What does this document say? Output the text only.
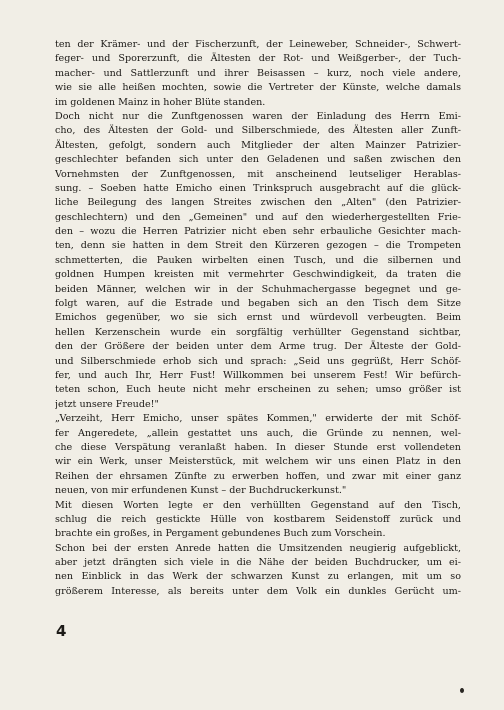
ten der Krämer- und der Fischerzunft, der Leineweber, Schneider-, Schwert-
feger- und Sporerzunft, die Ältesten der Rot- und Weißgerber-, der Tuch-
macher- und Sattlerzunft und ihrer Beisassen – kurz, noch viele andere,
wie sie alle heißen mochten, sowie die Vertreter der Künste, welche damals
im goldenen Mainz in hoher Blüte standen.
Doch nicht nur die Zunftgenossen waren der Einladung des Herrn Emi-
cho, des Ältesten der Gold- und Silberschmiede, des Ältesten aller Zunft-
Ältesten, gefolgt, sondern auch Mitglieder der alten Mainzer Patrizier-
geschlechter befanden sich unter den Geladenen und saßen zwischen den
Vornehmsten der Zunftgenossen, mit anscheinend leutseliger Herablas-
sung. – Soeben hatte Emicho einen Trinkspruch ausgebracht auf die glück-
liche Beilegung des langen Streites zwischen den „Alten" (den Patrizier-
geschlechtern) und den „Gemeinen" und auf den wiederhergestellten Frie-
den – wozu die Herren Patrizier nicht eben sehr erbauliche Gesichter mach-
ten, denn sie hatten in dem Streit den Kürzeren gezogen – die Trompeten
schmetterten, die Pauken wirbelten einen Tusch, und die silbernen und
goldnen Humpen kreisten mit vermehrter Geschwindigkeit, da traten die
beiden Männer, welchen wir in der Schuhmachergasse begegnet und ge-
folgt waren, auf die Estrade und begaben sich an den Tisch dem Sitze
Emichos gegenüber, wo sie sich ernst und würdevoll verbeugten. Beim
hellen Kerzenschein wurde ein sorgfältig verhüllter Gegenstand sichtbar,
den der Größere der beiden unter dem Arme trug. Der Älteste der Gold-
und Silberschmiede erhob sich und sprach: „Seid uns gegrüßt, Herr Schöf-
fer, und auch Ihr, Herr Fust! Willkommen bei unserem Fest! Wir befürch-
teten schon, Euch heute nicht mehr erscheinen zu sehen; umso größer ist
jetzt unsere Freude!"
„Verzeiht, Herr Emicho, unser spätes Kommen," erwiderte der mit Schöf-
fer Angeredete, „allein gestattet uns auch, die Gründe zu nennen, wel-
che diese Verspätung veranlaßt haben. In dieser Stunde erst vollendeten
wir ein Werk, unser Meisterstück, mit welchem wir uns einen Platz in den
Reihen der ehrsamen Zünfte zu erwerben hoffen, und zwar mit einer ganz
neuen, von mir erfundenen Kunst – der Buchdruckerkunst."
Mit diesen Worten legte er den verhüllten Gegenstand auf den Tisch,
schlug die reich gestickte Hülle von kostbarem Seidenstoff zurück und
brachte ein großes, in Pergament gebundenes Buch zum Vorschein.
Schon bei der ersten Anrede hatten die Umsitzenden neugierig aufgeblickt,
aber jetzt drängten sich viele in die Nähe der beiden Buchdrucker, um ei-
nen Einblick in das Werk der schwarzen Kunst zu erlangen, mit um so
größerem Interesse, als bereits unter dem Volk ein dunkles Gerücht um-
4
